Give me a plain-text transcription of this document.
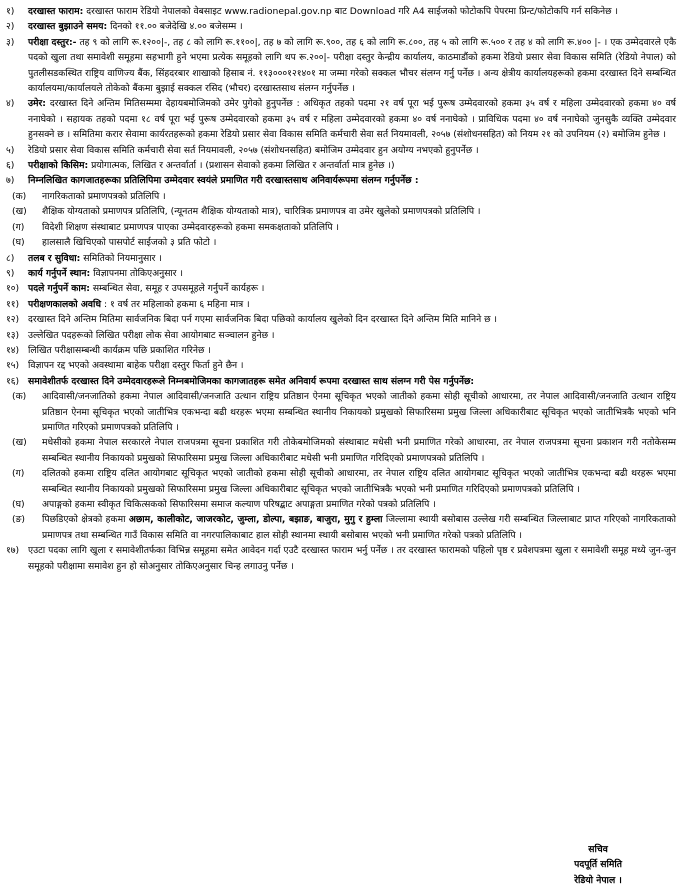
१)	दरखास्त फाराम: दरखास्त फाराम रेडियो नेपालको वेबसाइट www.radionepal.gov.np बाट Download गरि A4 साईजको फोटोकपि पेपरमा प्रिन्ट/फोटोकपि गर्न सकिनेछ ।
२)	दरखास्त बुझाउने समय: दिनको ११.०० बजेदेखि ४.०० बजेसम्म ।
३)	परीक्षा दस्तुर:- तह ९ को लागि रू.१२००|-, तह ८ को लागि रू.११००|, तह ७ को लागि रू.९००, तह ६ को लागि रू.८००, तह ५ को लागि रू.५०० र तह ४ को लागि रू.४०० |- । एक उम्मेदवारले एकै पदको खुला तथा समावेशी समूहमा सहभागी हुने भएमा प्रत्येक समूहको लागि थप रू.२००|- परीक्षा दस्तुर केन्द्रीय कार्यालय, काठमाडौंको हकमा रेडियो प्रसार सेवा विकास समिति (रेडियो नेपाल) को पुतलीसडकस्थित राष्ट्रिय वाणिज्य बैंक, सिंहदरबार शाखाको हिसाब नं. ११३०००१२१४०१ मा जम्मा गरेको सक्कल भौचर संलग्न गर्नु पर्नेछ । अन्य क्षेत्रीय कार्यालयहरूको हकमा दरखास्त दिने सम्बन्धित कार्यालयमा/कार्यालयले तोकेको बैंकमा बुझाई सक्कल रसिद (भौचर) दरखास्तसाथ संलग्न गर्नुपर्नेछ ।
४)	उमेर: दरखास्त दिने अन्तिम मितिसम्ममा देहायबमोजिमको उमेर पुगेको हुनुपर्नेछ : अधिकृत तहको पदमा २१ वर्ष पूरा भई पुरूष उम्मेदवारको हकमा ३५ वर्ष र महिला उम्मेदवारको हकमा ४० वर्ष ननाघेको । सहायक तहको पदमा १८ वर्ष पूरा भई पुरूष उम्मेदवारको हकमा ३५ वर्ष र महिला उम्मेदवारको हकमा ४० वर्ष ननाघेको । प्राविधिक पदमा ४० वर्ष ननाघेको जुनसुकै व्यक्ति उम्मेदवार हुनसक्ने छ । समितिमा करार सेवामा कार्यरतहरूको हकमा रेडियो प्रसार सेवा विकास समिति कर्मचारी सेवा सर्त नियमावली, २०५७ (संशोधनसहित) को नियम २१ को उपनियम (२) बमोजिम हुनेछ ।
५)	रेडियो प्रसार सेवा विकास समिति कर्मचारी सेवा सर्त नियमावली, २०५७ (संशोधनसहित) बमोजिम उम्मेदवार हुन अयोग्य नभएको हुनुपर्नेछ ।
६)	परीक्षाको किसिम: प्रयोगात्मक, लिखित र अन्तर्वार्ता । (प्रशासन सेवाको हकमा लिखित र अन्तर्वार्ता मात्र हुनेछ ।)
७)	निम्नलिखित कागजातहरूका प्रतिलिपिमा उम्मेदवार स्वयंले प्रमाणित गरी दरखास्तसाथ अनिवार्यरूपमा संलग्न गर्नुपर्नेछ :
(क)	नागरिकताको प्रमाणपत्रको प्रतिलिपि ।
(ख)	शैक्षिक योग्यताको प्रमाणपत्र प्रतिलिपि, (न्यूनतम शैक्षिक योग्यताको मात्र), चारित्रिक प्रमाणपत्र वा उमेर खुलेको प्रमाणपत्रको प्रतिलिपि ।
(ग)	विदेशी शिक्षण संस्थाबाट प्रमाणपत्र पाएका उम्मेदवारहरूको हकमा समकक्षताको प्रतिलिपि ।
(घ)	हालसालै खिचिएको पासपोर्ट साईजको ३ प्रति फोटो ।
८)	तलब र सुविधा: समितिको नियमानुसार ।
९)	कार्य गर्नुपर्ने स्थान: विज्ञापनमा तोकिएअनुसार ।
१०) पदले गर्नुपर्ने काम: सम्बन्धित सेवा, समूह र उपसमूहले गर्नुपर्ने कार्यहरू ।
११) परीक्षणकालको अवधि : १ वर्ष तर महिलाको हकमा ६ महिना मात्र ।
१२) दरखास्त दिने अन्तिम मितिमा सार्वजनिक बिदा पर्न गएमा सार्वजनिक बिदा पछिको कार्यालय खुलेको दिन दरखास्त दिने अन्तिम मिति मानिने छ ।
१३) उल्लेखित पदहरूको लिखित परीक्षा लोक सेवा आयोगबाट सञ्चालन हुनेछ ।
१४) लिखित परीक्षासम्बन्धी कार्यक्रम पछि प्रकाशित गरिनेछ ।
१५) विज्ञापन रद्द भएको अवस्थामा बाहेक परीक्षा दस्तुर फिर्ता हुने छैन ।
१६) समावेशीतर्फ दरखास्त दिने उम्मेदवारहरूले निम्नबमोजिमका कागजातहरू समेत अनिवार्य रूपमा दरखास्त साथ संलग्न गरी पेस गर्नुपर्नेछ:
(क)	आदिवासी/जनजातिको हकमा नेपाल आदिवासी/जनजाति उत्थान राष्ट्रिय प्रतिष्ठान ऐनमा सूचिकृत भएको जातीको हकमा सोही सूचीको आधारमा, तर नेपाल आदिवासी/जनजाति उत्थान राष्ट्रिय प्रतिष्ठान ऐनमा सूचिकृत भएको जातीभित्र एकभन्दा बढी थरहरू भएमा सम्बन्धित स्थानीय निकायको प्रमुखको सिफारिसमा प्रमुख जिल्ला अधिकारीबाट सूचिकृत भएको जातीभित्रकै भएको भनि प्रमाणित गरिएको प्रमाणपत्रको प्रतिलिपि ।
(ख)	मधेसीको हकमा नेपाल सरकारले नेपाल राजपत्रमा सूचना प्रकाशित गरी तोकेबमोजिमको संस्थाबाट मधेसी भनी प्रमाणित गरेको आधारमा, तर नेपाल राजपत्रमा सूचना प्रकाशन गरी नतोकेसम्म सम्बन्धित स्थानीय निकायको प्रमुखको सिफारिसमा प्रमुख जिल्ला अधिकारीबाट मधेसी भनी प्रमाणित गरिदिएको प्रमाणपत्रको प्रतिलिपि ।
(ग)	दलितको हकमा राष्ट्रिय दलित आयोगबाट सूचिकृत भएको जातीको हकमा सोही सूचीको आधारमा, तर नेपाल राष्ट्रिय दलित आयोगबाट सूचिकृत भएको जातीभित्र एकभन्दा बढी थरहरू भएमा सम्बन्धित स्थानीय निकायको प्रमुखको सिफारिसमा प्रमुख जिल्ला अधिकारीबाट सूचिकृत भएको जातीभित्रकै भएको भनी प्रमाणित गरिदिएको प्रमाणपत्रको प्रतिलिपि ।
(घ)	अपाङ्गको हकमा स्वीकृत चिकित्सकको सिफारिसमा समाज कल्याण परिषद्बाट अपाङ्गता प्रमाणित गरेको पत्रको प्रतिलिपि ।
(ङ)	पिछडिएको क्षेत्रको हकमा अछाम, कालीकोट, जाजरकोट, जुम्ला, डोल्पा, बझाङ, बाजुरा, मुगु र हुम्ला जिल्लामा स्थायी बसोबास उल्लेख गरी सम्बन्धित जिल्लाबाट प्राप्त गरिएको नागरिकताको प्रमाणपत्र तथा सम्बन्धित गाउँ विकास समिति वा नगरपालिकाबाट हाल सोही स्थानमा स्थायी बसोबास भएको भनी प्रमाणित गरेको पत्रको प्रतिलिपि ।
१७) एउटा पदका लागि खुला र समावेशीतर्फका विभिन्न समूहमा समेत आवेदन गर्दा एउटै दरखास्त फाराम भर्नु पर्नेछ । तर दरखास्त फारामको पहिलो पृष्ठ र प्रवेशपत्रमा खुला र समावेशी समूह मध्ये जुन-जुन समूहको परीक्षामा समावेश हुन हो सोअनुसार तोकिएअनुसार चिन्ह लगाउनु पर्नेछ ।
सचिव
पदपूर्ति समिति
रेडियो नेपाल ।
